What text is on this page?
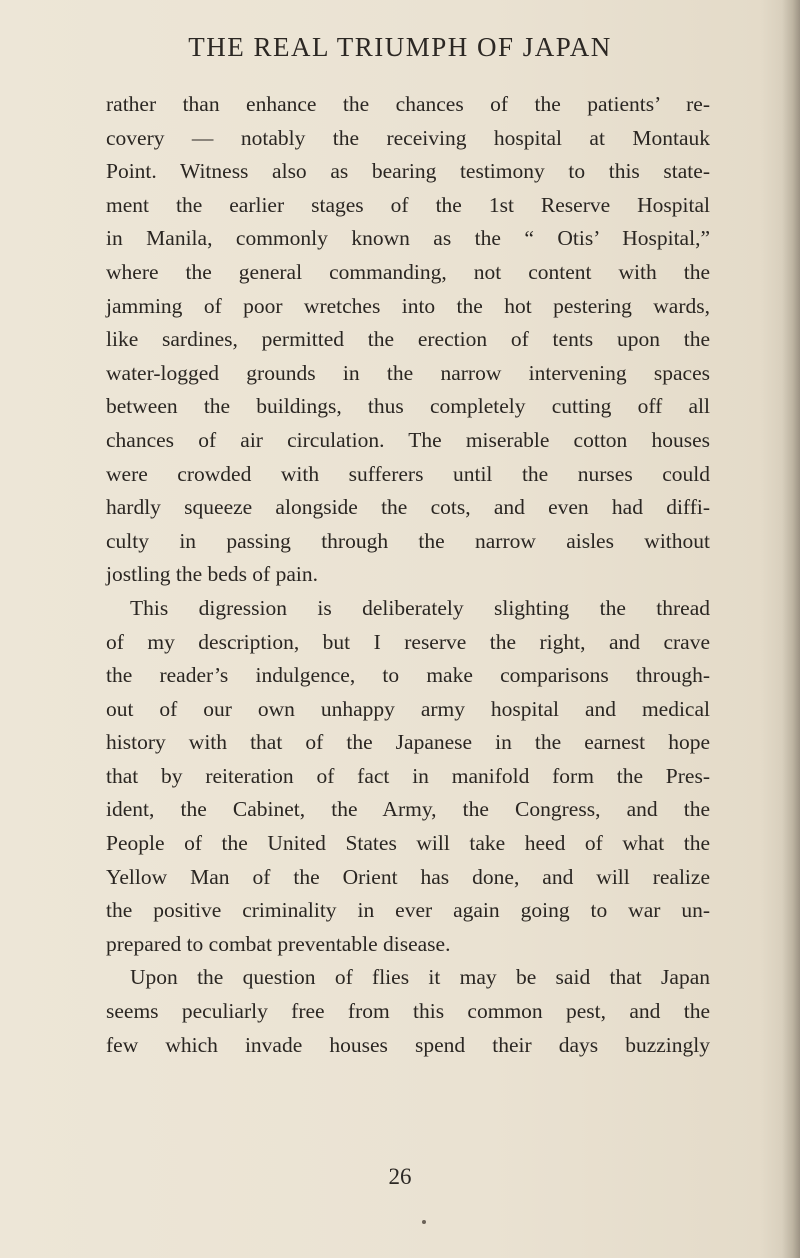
THE REAL TRIUMPH OF JAPAN
rather than enhance the chances of the patients’ re-
covery — notably the receiving hospital at Montauk
Point. Witness also as bearing testimony to this state-
ment the earlier stages of the 1st Reserve Hospital
in Manila, commonly known as the “ Otis’ Hospital,”
where the general commanding, not content with the
jamming of poor wretches into the hot pestering wards,
like sardines, permitted the erection of tents upon the
water-logged grounds in the narrow intervening spaces
between the buildings, thus completely cutting off all
chances of air circulation. The miserable cotton houses
were crowded with sufferers until the nurses could
hardly squeeze alongside the cots, and even had diffi-
culty in passing through the narrow aisles without
jostling the beds of pain.
This digression is deliberately slighting the thread
of my description, but I reserve the right, and crave
the reader’s indulgence, to make comparisons through-
out of our own unhappy army hospital and medical
history with that of the Japanese in the earnest hope
that by reiteration of fact in manifold form the Pres-
ident, the Cabinet, the Army, the Congress, and the
People of the United States will take heed of what the
Yellow Man of the Orient has done, and will realize
the positive criminality in ever again going to war un-
prepared to combat preventable disease.
Upon the question of flies it may be said that Japan
seems peculiarly free from this common pest, and the
few which invade houses spend their days buzzingly
26
